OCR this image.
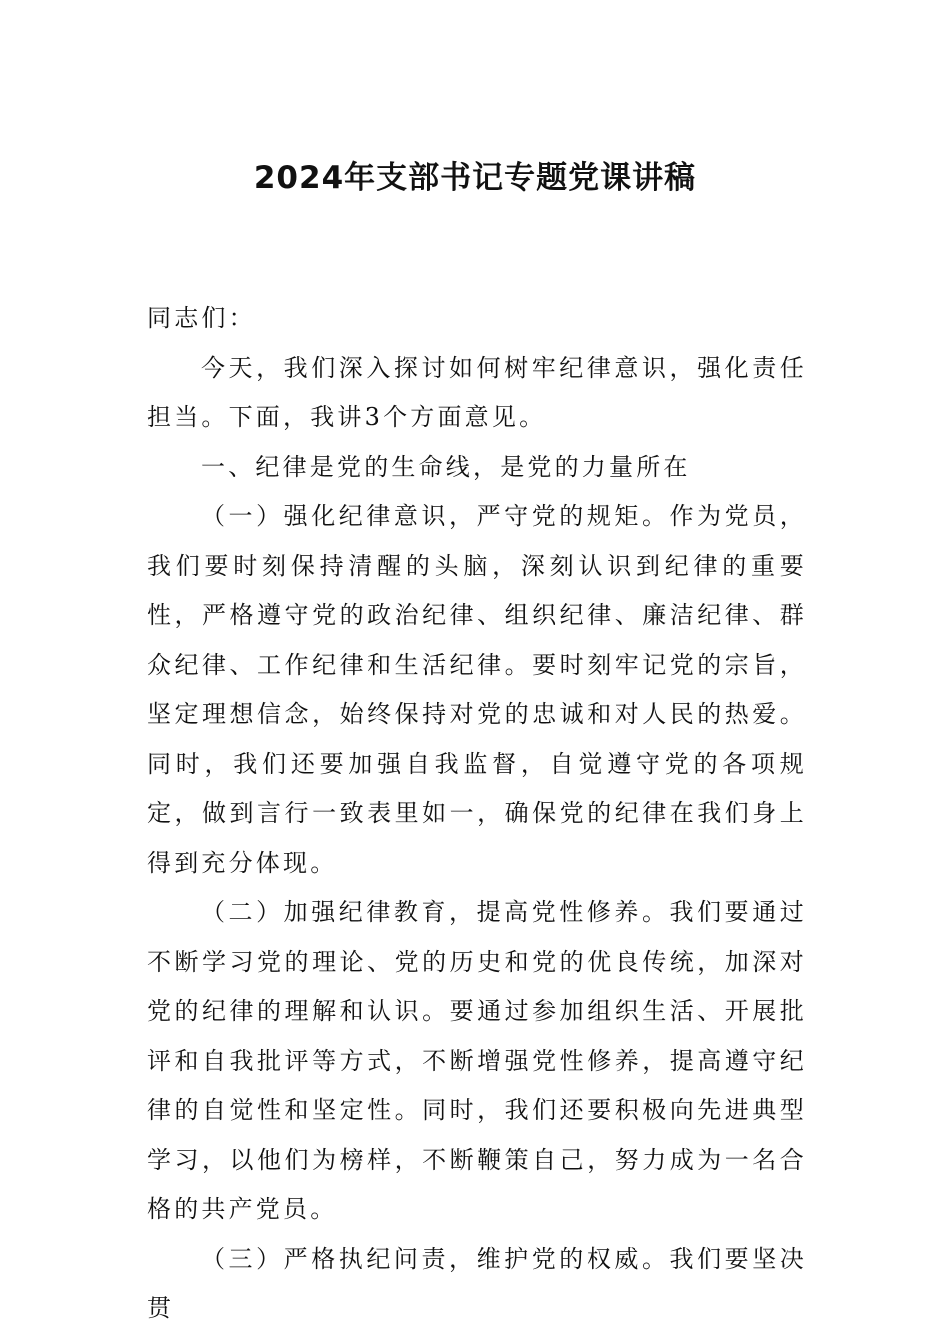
2024年支部书记专题党课讲稿

同志们：

今天，我们深入探讨如何树牢纪律意识，强化责任担当。下面，我讲3个方面意见。

一、纪律是党的生命线，是党的力量所在

（一）强化纪律意识，严守党的规矩。作为党员，我们要时刻保持清醒的头脑，深刻认识到纪律的重要性，严格遵守党的政治纪律、组织纪律、廉洁纪律、群众纪律、工作纪律和生活纪律。要时刻牢记党的宗旨，坚定理想信念，始终保持对党的忠诚和对人民的热爱。同时，我们还要加强自我监督，自觉遵守党的各项规定，做到言行一致表里如一，确保党的纪律在我们身上得到充分体现。

（二）加强纪律教育，提高党性修养。我们要通过不断学习党的理论、党的历史和党的优良传统，加深对党的纪律的理解和认识。要通过参加组织生活、开展批评和自我批评等方式，不断增强党性修养，提高遵守纪律的自觉性和坚定性。同时，我们还要积极向先进典型学习，以他们为榜样，不断鞭策自己，努力成为一名合格的共产党员。

（三）严格执纪问责，维护党的权威。我们要坚决贯
